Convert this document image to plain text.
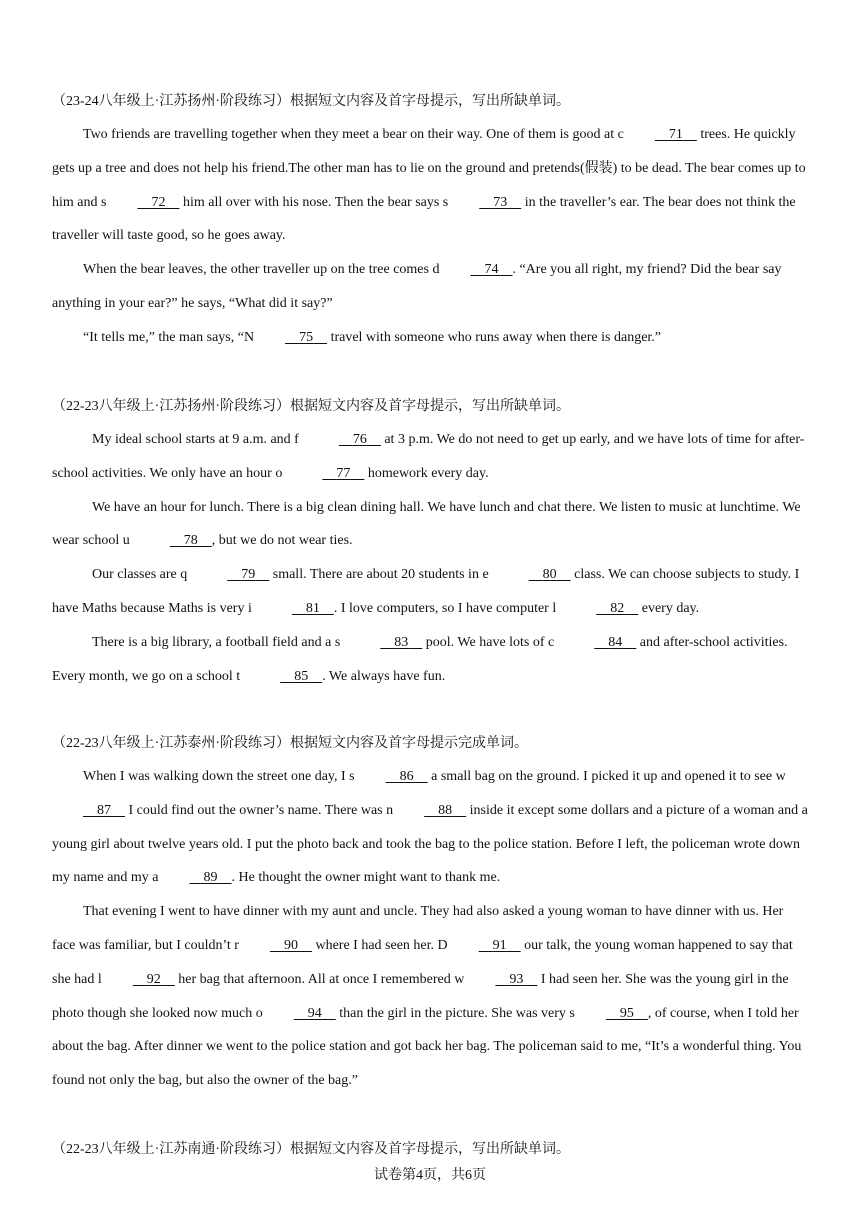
（23-24八年级上·江苏扬州·阶段练习）根据短文内容及首字母提示，写出所缺单词。

Two friends are travelling together when they meet a bear on their way. One of them is good at c	71 trees. He quickly gets up a tree and does not help his friend.The other man has to lie on the ground and pretends(假装) to be dead. The bear comes up to him and s	72 him all over with his nose. Then the bear says s	73 in the traveller’s ear. The bear does not think the traveller will taste good, so he goes away.

When the bear leaves, the other traveller up on the tree comes d	74 . “Are you all right, my friend? Did the bear say anything in your ear?” he says, “What did it say?”

“It tells me,” the man says, “N	75 travel with someone who runs away when there is danger.”

（22-23八年级上·江苏扬州·阶段练习）根据短文内容及首字母提示，写出所缺单词。

My ideal school starts at 9 a.m. and f	76 at 3 p.m. We do not need to get up early, and we have lots of time for after-school activities. We only have an hour o	77 homework every day.

We have an hour for lunch. There is a big clean dining hall. We have lunch and chat there. We listen to music at lunchtime. We wear school u	78 , but we do not wear ties.

Our classes are q	79 small. There are about 20 students in e	80 class. We can choose subjects to study. I have Maths because Maths is very i	81 . I love computers, so I have computer l	82 every day.

There is a big library, a football field and a s	83 pool. We have lots of c	84 and after-school activities. Every month, we go on a school t	85 . We always have fun.

（22-23八年级上·江苏泰州·阶段练习）根据短文内容及首字母提示完成单词。

When I was walking down the street one day, I s	86 a small bag on the ground. I picked it up and opened it to see w87 I could find out the owner’s name. There was n	88 inside it except some dollars and a picture of a woman and a young girl about twelve years old. I put the photo back and took the bag to the police station. Before I left, the policeman wrote down my name and my a	89 . He thought the owner might want to thank me.

That evening I went to have dinner with my aunt and uncle. They had also asked a young woman to have dinner with us. Her face was familiar, but I couldn’t r	90 where I had seen her. D	91 our talk, the young woman happened to say that she had l	92 her bag that afternoon. All at once I remembered w	93 I had seen her. She was the young girl in the photo though she looked now much o	94 than the girl in the picture. She was very s	95 , of course, when I told her about the bag. After dinner we went to the police station and got back her bag. The policeman said to me, “It’s a wonderful thing. You found not only the bag, but also the owner of the bag.”

（22-23八年级上·江苏南通·阶段练习）根据短文内容及首字母提示，写出所缺单词。
试卷第4页，共6页
